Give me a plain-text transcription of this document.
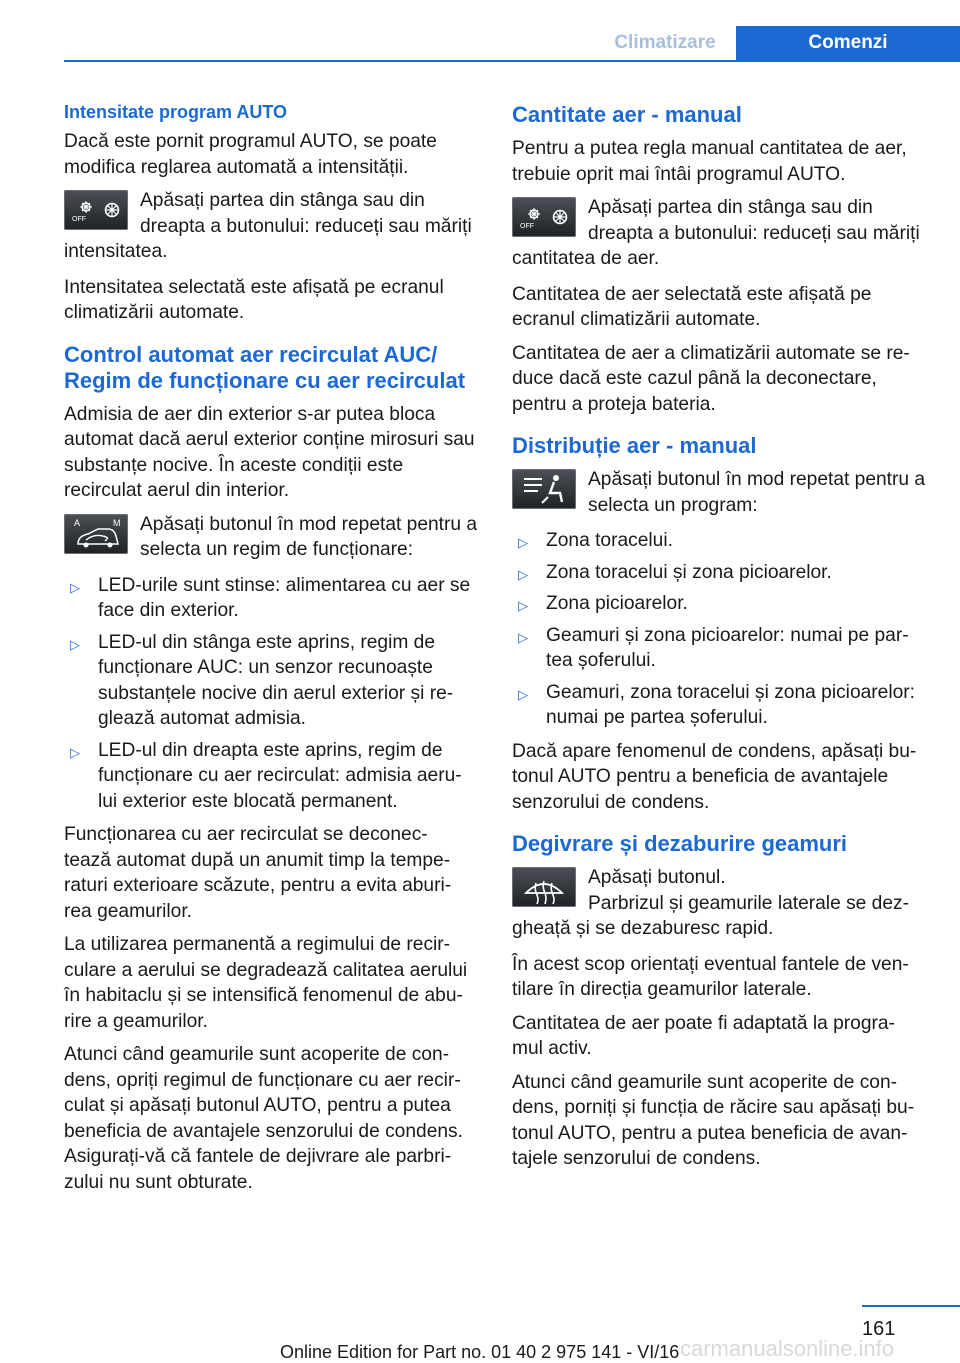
Climatizare	Comenzi
Intensitate program AUTO

Dacă este pornit programul AUTO, se poate modifica reglarea automată a intensității.

OFF
Apăsați partea din stânga sau din dreapta a butonului: reduceți sau măriți intensitatea.

Intensitatea selectată este afișată pe ecranul climatizării automate.

Control automat aer recirculat AUC/ Regim de funcționare cu aer recirculat

Admisia de aer din exterior s-ar putea bloca automat dacă aerul exterior conține mirosuri sau substanțe nocive. În aceste condiții este recirculat aerul din interior.

A	M Apăsați butonul în mod repetat pentru a selecta un regim de funcționare:
▷ LED-urile sunt stinse: alimentarea cu aer se face din exterior.
▷ LED-ul din stânga este aprins, regim de funcționare AUC: un senzor recunoaște substanțele nocive din aerul exterior și re- glează automat admisia.
▷ LED-ul din dreapta este aprins, regim de funcționare cu aer recirculat: admisia aeru- lui exterior este blocată permanent.

Funcționarea cu aer recirculat se deconec- tează automat după un anumit timp la tempe- raturi exterioare scăzute, pentru a evita aburi- rea geamurilor.

La utilizarea permanentă a regimului de recir- culare a aerului se degradează calitatea aerului în habitaclu și se intensifică fenomenul de abu- rire a geamurilor.

Atunci când geamurile sunt acoperite de con- dens, opriți regimul de funcționare cu aer recir- culat și apăsați butonul AUTO, pentru a putea beneficia de avantajele senzorului de condens. Asigurați-vă că fantele de dejivrare ale parbri- zului nu sunt obturate.

Cantitate aer - manual

Pentru a putea regla manual cantitatea de aer, trebuie oprit mai întâi programul AUTO.

OFF
Apăsați partea din stânga sau din dreapta a butonului: reduceți sau măriți cantitatea de aer.

Cantitatea de aer selectată este afișată pe ecranul climatizării automate.

Cantitatea de aer a climatizării automate se re- duce dacă este cazul până la deconectare, pentru a proteja bateria.

Distribuție aer - manual
Apăsați butonul în mod repetat pentru a selecta un program:
▷ Zona toracelui.
▷ Zona toracelui și zona picioarelor.
▷ Zona picioarelor.
▷ Geamuri și zona picioarelor: numai pe par- tea șoferului.
▷ Geamuri, zona toracelui și zona picioarelor: numai pe partea șoferului.

Dacă apare fenomenul de condens, apăsați bu- tonul AUTO pentru a beneficia de avantajele senzorului de condens.

Degivrare și dezaburire geamuri
Apăsați butonul.
Parbrizul și geamurile laterale se dez- gheață și se dezaburesc rapid.

În acest scop orientați eventual fantele de ven- tilare în direcția geamurilor laterale.

Cantitatea de aer poate fi adaptată la progra- mul activ.

Atunci când geamurile sunt acoperite de con- dens, porniți și funcția de răcire sau apăsați bu- tonul AUTO, pentru a putea beneficia de avan- tajele senzorului de condens.

161
Online Edition for Part no. 01 40 2 975 141 - VI/16 carmanualsonline.info
